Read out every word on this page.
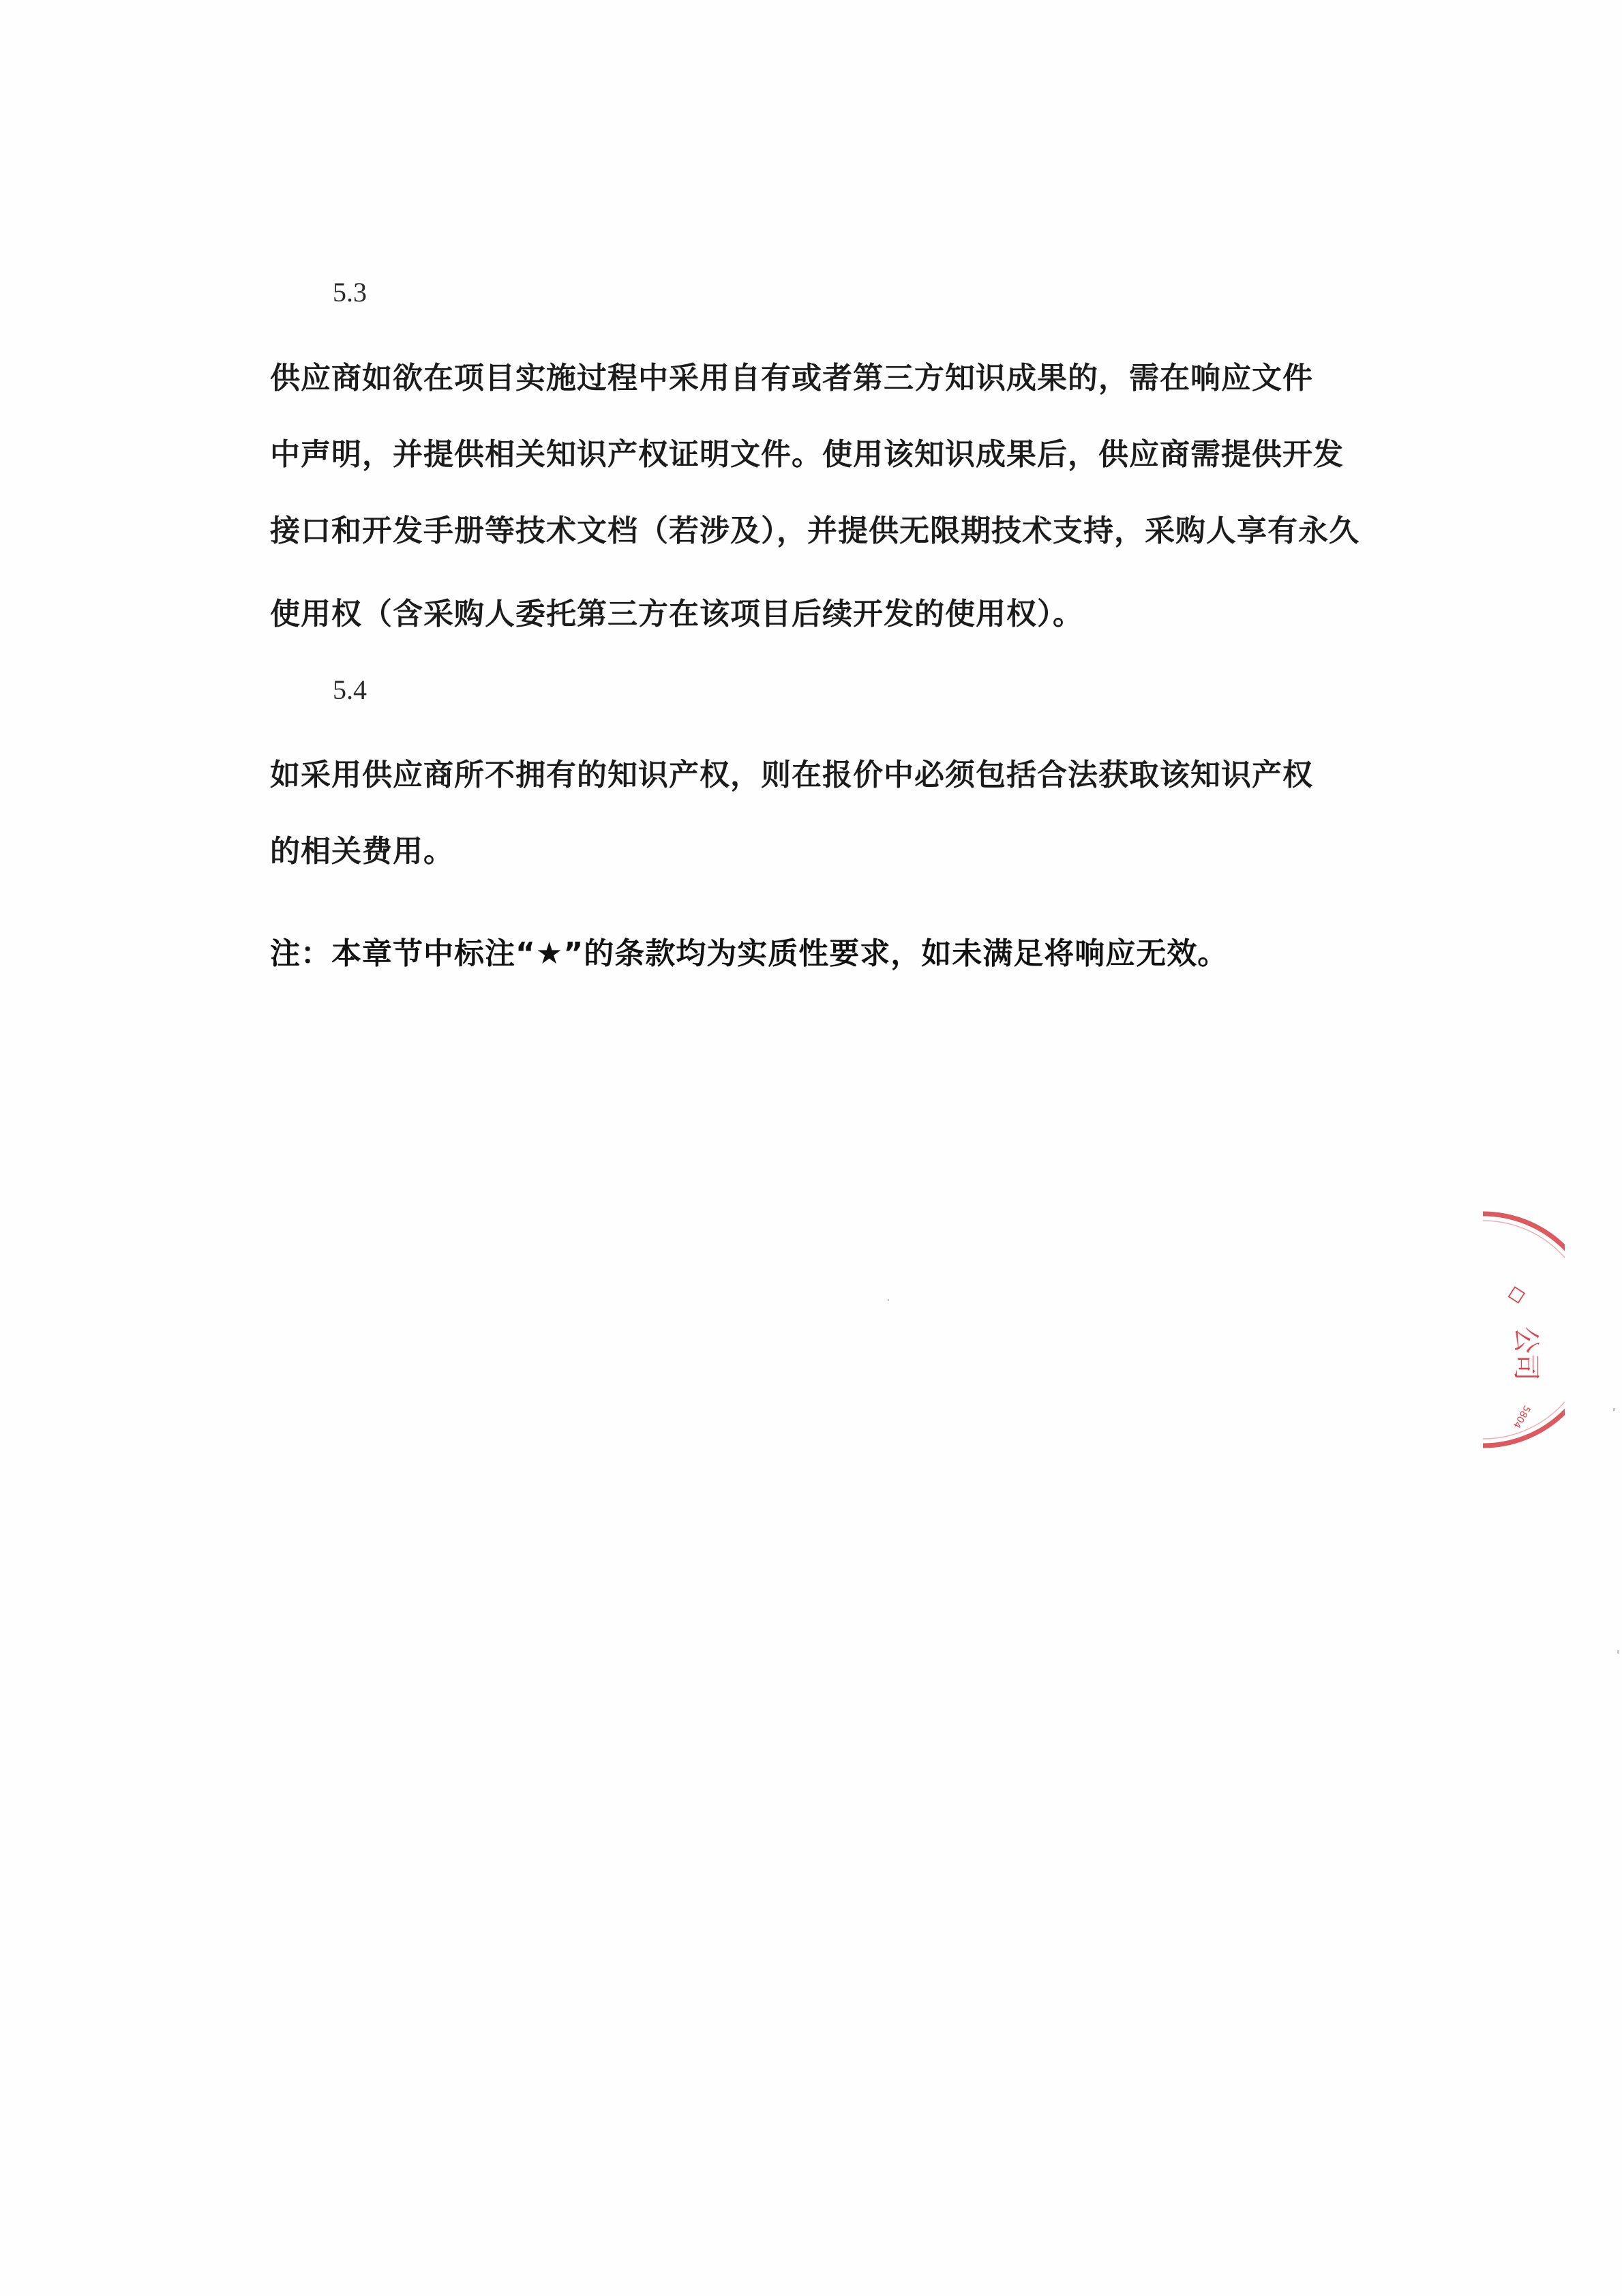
5.3
供应商如欲在项目实施过程中采用自有或者第三方知识成果的，需在响应文件
中声明，并提供相关知识产权证明文件。使用该知识成果后，供应商需提供开发
接口和开发手册等技术文档（若涉及），并提供无限期技术支持，采购人享有永久
使用权（含采购人委托第三方在该项目后续开发的使用权）。
5.4
如采用供应商所不拥有的知识产权，则在报价中必须包括合法获取该知识产权
的相关费用。
注：本章节中标注“★”的条款均为实质性要求，如未满足将响应无效。
◇
公司
5804
